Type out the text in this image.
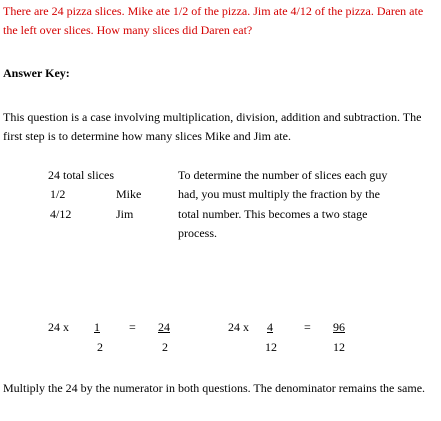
There are 24 pizza slices. Mike ate 1/2 of the pizza. Jim ate 4/12 of the pizza. Daren ate the left over slices. How many slices did Daren eat?
Answer Key:
This question is a case involving multiplication, division, addition and subtraction. The first step is to determine how many slices Mike and Jim ate.
24 total slices
1/2	Mike
4/12	Jim
To determine the number of slices each guy
had, you must multiply the fraction by the
total number. This becomes a two stage
process.
24 x 1
2
= 24
2
24 x 4
12
= 96
12
Multiply the 24 by the numerator in both questions. The denominator remains the same.
